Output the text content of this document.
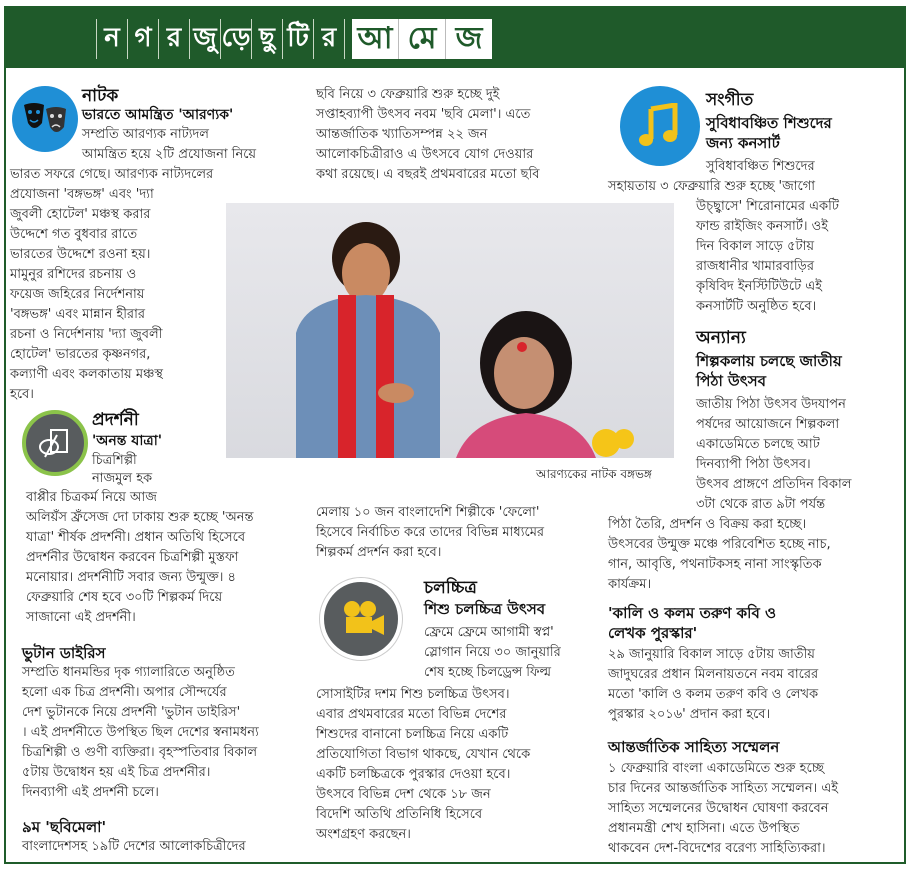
ন গ র জু ড়ে ছু টি র আ মে জ
নাটক
ভারতে আমন্ত্রিত 'আরণ্যক'
সম্প্রতি আরণ্যক নাট্যদল
আমন্ত্রিত হয়ে ২টি প্রযোজনা নিয়ে
ভারত সফরে গেছে। আরণ্যক নাট্যদলের
প্রযোজনা 'বঙ্গভঙ্গ' এবং 'দ্যা
জুবলী হোটেল' মঞ্চস্থ করার
উদ্দেশে গত বুধবার রাতে
ভারতের উদ্দেশে রওনা হয়।
মামুনুর রশিদের রচনায় ও
ফয়েজ জহিরের নির্দেশনায়
'বঙ্গভঙ্গ' এবং মান্নান হীরার
রচনা ও নির্দেশনায় 'দ্যা জুবলী
হোটেল' ভারতের কৃষ্ণনগর,
কল্যাণী এবং কলকাতায় মঞ্চস্থ
হবে।
প্রদর্শনী
'অনন্ত যাত্রা'
চিত্রশিল্পী
নাজমুল হক
বাপ্পীর চিত্রকর্ম নিয়ে আজ
অলিয়ঁস ফ্রঁসেজ দো ঢাকায় শুরু হচ্ছে 'অনন্ত
যাত্রা' শীর্ষক প্রদর্শনী। প্রধান অতিথি হিসেবে
প্রদর্শনীর উদ্বোধন করবেন চিত্রশিল্পী মুস্তফা
মনোয়ার। প্রদর্শনীটি সবার জন্য উন্মুক্ত। ৪
ফেব্রুয়ারি শেষ হবে ৩০টি শিল্পকর্ম দিয়ে
সাজানো এই প্রদর্শনী।
ভুটান ডাইরিস
সম্প্রতি ধানমন্ডির দৃক গ্যালারিতে অনুষ্ঠিত
হলো এক চিত্র প্রদর্শনী। অপার সৌন্দর্যের
দেশ ভুটানকে নিয়ে প্রদর্শনী 'ভুটান ডাইরিস'
। এই প্রদর্শনীতে উপস্থিত ছিল দেশের স্বনামধন্য
চিত্রশিল্পী ও গুণী ব্যক্তিরা। বৃহস্পতিবার বিকাল
৫টায় উদ্বোধন হয় এই চিত্র প্রদর্শনীর।
দিনব্যাপী এই প্রদর্শনী চলে।
৯ম 'ছবিমেলা'
বাংলাদেশসহ ১৯টি দেশের আলোকচিত্রীদের
ছবি নিয়ে ৩ ফেব্রুয়ারি শুরু হচ্ছে দুই
সপ্তাহব্যাপী উৎসব নবম 'ছবি মেলা'। এতে
আন্তর্জাতিক খ্যাতিসম্পন্ন ২২ জন
আলোকচিত্রীরাও এ উৎসবে যোগ দেওয়ার
কথা রয়েছে। এ বছরই প্রথমবারের মতো ছবি
আরণ্যকের নাটক বঙ্গভঙ্গ
মেলায় ১০ জন বাংলাদেশি শিল্পীকে 'ফেলো'
হিসেবে নির্বাচিত করে তাদের বিভিন্ন মাধ্যমের
শিল্পকর্ম প্রদর্শন করা হবে।
চলচ্চিত্র
শিশু চলচ্চিত্র উৎসব
ফ্রেমে ফ্রেমে আগামী স্বপ্ন'
স্লোগান নিয়ে ৩০ জানুয়ারি
শেষ হচ্ছে চিলড্রেন্স ফিল্ম
সোসাইটির দশম শিশু চলচ্চিত্র উৎসব।
এবার প্রথমবারের মতো বিভিন্ন দেশের
শিশুদের বানানো চলচ্চিত্র নিয়ে একটি
প্রতিযোগিতা বিভাগ থাকছে, যেখান থেকে
একটি চলচ্চিত্রকে পুরস্কার দেওয়া হবে।
উৎসবে বিভিন্ন দেশ থেকে ১৮ জন
বিদেশি অতিথি প্রতিনিধি হিসেবে
অংশগ্রহণ করছেন।
সংগীত
সুবিধাবঞ্চিত শিশুদের
জন্য কনসার্ট
সুবিধাবঞ্চিত শিশুদের
সহায়তায় ৩ ফেব্রুয়ারি শুরু হচ্ছে 'জাগো
উচ্ছ্বাসে' শিরোনামের একটি
ফান্ড রাইজিং কনসার্ট। ওই
দিন বিকাল সাড়ে ৫টায়
রাজধানীর খামারবাড়ির
কৃষিবিদ ইনস্টিটিউটে এই
কনসার্টটি অনুষ্ঠিত হবে।
অন্যান্য
শিল্পকলায় চলছে জাতীয়
পিঠা উৎসব
জাতীয় পিঠা উৎসব উদযাপন
পর্ষদের আয়োজনে শিল্পকলা
একাডেমিতে চলছে আট
দিনব্যাপী পিঠা উৎসব।
উৎসব প্রাঙ্গণে প্রতিদিন বিকাল
৩টা থেকে রাত ৯টা পর্যন্ত
পিঠা তৈরি, প্রদর্শন ও বিক্রয় করা হচ্ছে।
উৎসবের উন্মুক্ত মঞ্চে পরিবেশিত হচ্ছে নাচ,
গান, আবৃত্তি, পথনাটকসহ নানা সাংস্কৃতিক
কার্যক্রম।
'কালি ও কলম তরুণ কবি ও
লেখক পুরস্কার'
২৯ জানুয়ারি বিকাল সাড়ে ৫টায় জাতীয়
জাদুঘরের প্রধান মিলনায়তনে নবম বারের
মতো 'কালি ও কলম তরুণ কবি ও লেখক
পুরস্কার ২০১৬' প্রদান করা হবে।
আন্তর্জাতিক সাহিত্য সম্মেলন
১ ফেব্রুয়ারি বাংলা একাডেমিতে শুরু হচ্ছে
চার দিনের আন্তর্জাতিক সাহিত্য সম্মেলন। এই
সাহিত্য সম্মেলনের উদ্বোধন ঘোষণা করবেন
প্রধানমন্ত্রী শেখ হাসিনা। এতে উপস্থিত
থাকবেন দেশ-বিদেশের বরেণ্য সাহিত্যিকরা।
